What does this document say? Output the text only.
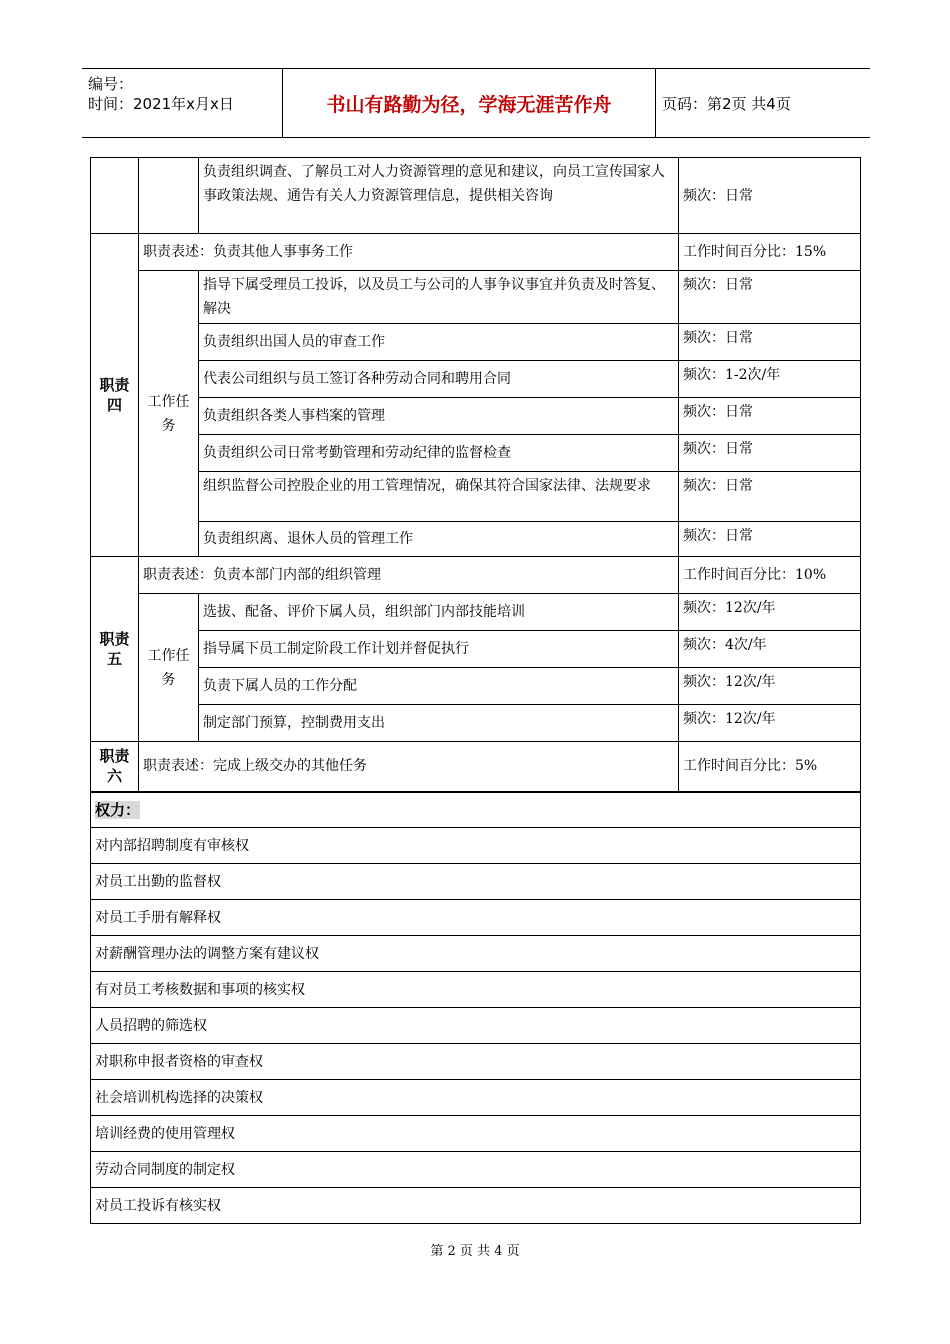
编号：
时间：2021年x月x日	书山有路勤为径，学海无涯苦作舟	页码：第2页 共4页
		负责组织调查、了解员工对人力资源管理的意见和建议，向员工宣传国家人事政策法规、通告有关人力资源管理信息，提供相关咨询	频次：日常
职责四	职责表述：负责其他人事事务工作		工作时间百分比：15%
	工作任务	指导下属受理员工投诉，以及员工与公司的人事争议事宜并负责及时答复、解决	频次：日常
		负责组织出国人员的审查工作	频次：日常
		代表公司组织与员工签订各种劳动合同和聘用合同	频次：1-2次/年
		负责组织各类人事档案的管理	频次：日常
		负责组织公司日常考勤管理和劳动纪律的监督检查	频次：日常
		组织监督公司控股企业的用工管理情况，确保其符合国家法律、法规要求	频次：日常
		负责组织离、退休人员的管理工作	频次：日常
职责五	职责表述：负责本部门内部的组织管理		工作时间百分比：10%
	工作任务	选拔、配备、评价下属人员，组织部门内部技能培训	频次：12次/年
		指导属下员工制定阶段工作计划并督促执行	频次：4次/年
		负责下属人员的工作分配	频次：12次/年
		制定部门预算，控制费用支出	频次：12次/年
职责六	职责表述：完成上级交办的其他任务		工作时间百分比：5%
权力：			
对内部招聘制度有审核权			
对员工出勤的监督权			
对员工手册有解释权			
对薪酬管理办法的调整方案有建议权			
有对员工考核数据和事项的核实权			
人员招聘的筛选权			
对职称申报者资格的审查权			
社会培训机构选择的决策权			
培训经费的使用管理权			
劳动合同制度的制定权			
对员工投诉有核实权			
第 2 页 共 4 页
